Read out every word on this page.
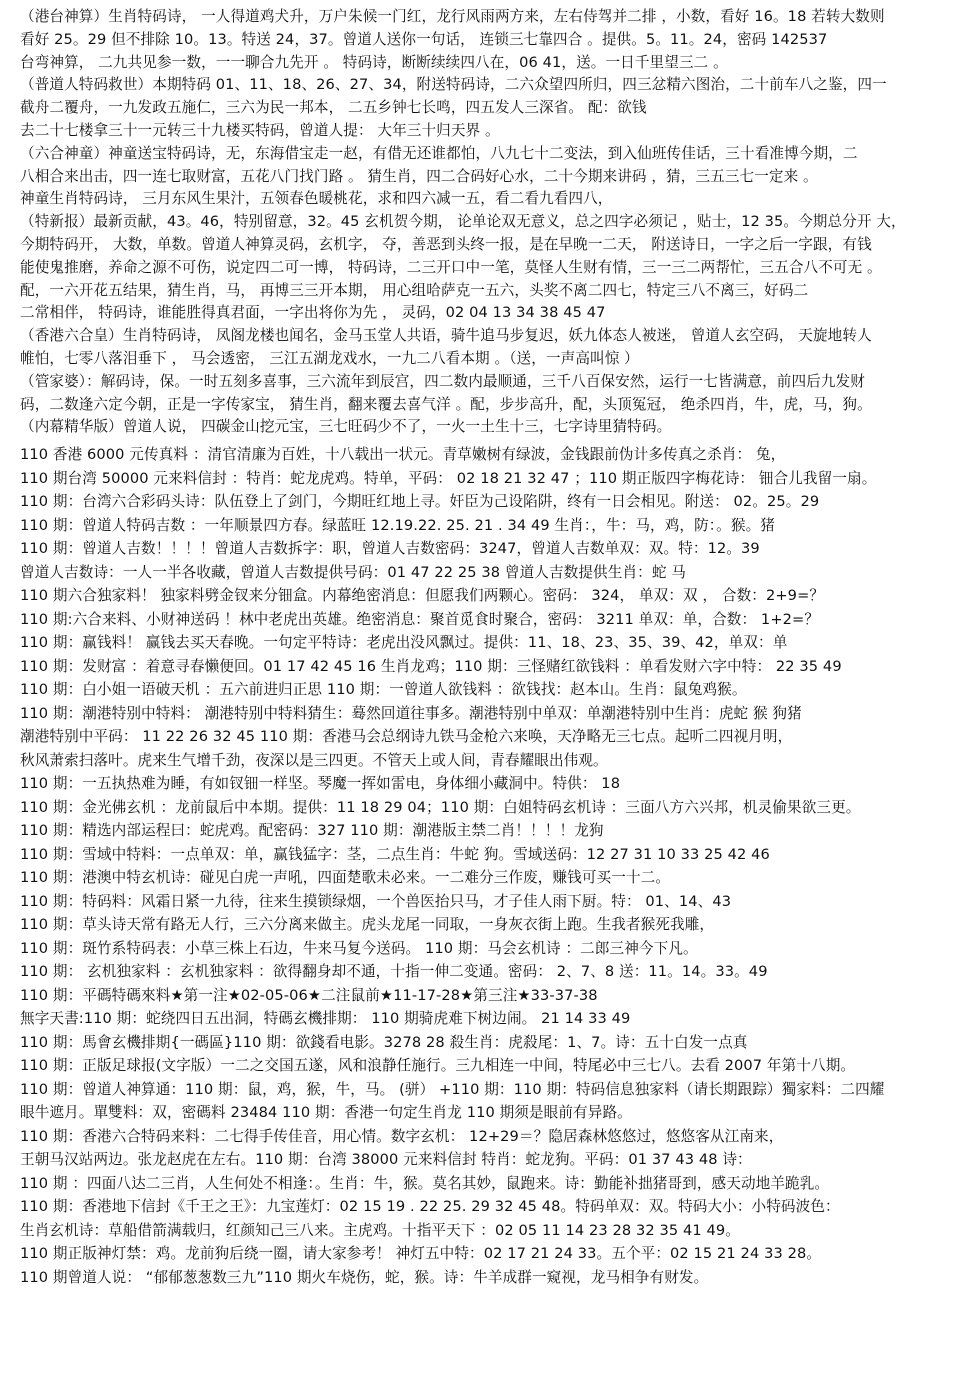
（港台神算）生肖特码诗， 一人得道鸡犬升，万户朱候一门红，龙行风雨两方来，左右侍驾并二排 ，小数，看好 16。18 若转大数则
看好 25。29 但不排除 10。13。特送 24，37。曾道人送你一句话， 连锁三七靠四合 。提供。5。11。24，密码 142537
台弯神算， 二九共见参一数，一一聊合九先开 。 特码诗，断断续续四八在，06 41，送。一日千里望三二 。
（普道人特码救世）本期特码 01、11、18、26、27、34，附送特码诗，二六众望四所归，四三忿精六图治，二十前车八之鉴，四一
截舟二覆舟，一九发政五施仁，三六为民一邦本， 二五乡钟七长鸣，四五发人三深省。 配：欲钱
去二十七楼拿三十一元转三十九楼买特码，曾道人提： 大年三十归天界 。
（六合神童）神童送宝特码诗，无，东海借宝走一赵，有借无还谁都怕，八九七十二变法，到入仙班传佳话，三十看准博今期，二
八相合来出击，四一连七取财富，五花八门找门路 。 猜生肖，四二合码好心水，二十今期来讲码 ，猜，三五三七一定来 。
神童生肖特码诗， 三月东风生果汁，五领春色暖桃花，求和四六减一五，看二看九看四八，
（特新报）最新贡献，43。46，特别留意，32。45 玄机贺今期， 论单论双无意义，总之四字必须记 ，贴士，12 35。今期总分开 大，
今期特码开， 大数，单数。曾道人神算灵码，玄机字， 夺，善恶到头终一报，是在早晚一二天， 附送诗日，一字之后一字跟，有钱
能使鬼推磨，养命之源不可伤，说定四二可一博， 特码诗，二三开口中一笔，莫怪人生财有情，三一三二两帮忙，三五合八不可无 。
配，一六开花五结果，猜生肖，马， 再博三三开本期， 用心组哈萨克一五六，头奖不离二四七，特定三八不离三，好码二
二常相伴， 特码诗，谁能胜得真君面，一字出将你为先 ， 灵码，02 04 13 34 38 45 47
（香港六合皇）生肖特码诗， 凤阁龙楼也闻名，金马玉堂人共语，骑牛追马步复迟，妖九体态人被迷， 曾道人玄空码， 天旋地转人
帷怕，七零八落泪垂下 ， 马会透密， 三江五湖龙戏水，一九二八看本期 。（送，一声高叫惊 ）
（管家婆）：解码诗，保。一时五刻多喜事，三六流年到辰宫，四二数内最顺通，三千八百保安然，运行一七皆满意，前四后九发财
码，二数逢六定今朝，正是一字传家宝， 猜生肖，翻来覆去喜气洋 。配，步步高升，配，头顶冤冠， 绝杀四肖，牛，虎，马，狗。
（内幕精华版）曾道人说， 四碳金山挖元宝，三七旺码少不了，一火一土生十三，七字诗里猜特码。
110 香港 6000 元传真料 ：清官清廉为百姓，十八载出一状元。青草嫩树有绿波，金钱跟前伪计多传真之杀肖： 兔，
110 期台湾 50000 元来料信封 ：特肖：蛇龙虎鸡。特单，平码： 02 18 21 32 47 ；110 期正版四字梅花诗： 钿合儿我留一扇。
110 期：台湾六合彩码头诗：队伍登上了剑门，今期旺红地上寻。奸臣为己设陷阱，终有一日会相见。附送： 02。25。29
110 期：曾道人特码吉数 ：一年顺景四方春。绿蓝旺 12.19.22. 25. 21 . 34 49 生肖：，牛：马，鸡，防：。猴。猪
110 期：曾道人吉数！！！！曾道人吉数拆字：职，曾道人吉数密码：3247，曾道人吉数单双：双。特：12。39
曾道人吉数诗：一人一半各收藏，曾道人吉数提供号码：01 47 22 25 38 曾道人吉数提供生肖：蛇 马
110 期六合独家料！ 独家料劈金钗来分钿盒。内幕绝密消息：但愿我们两颗心。密码： 324， 单双：双 ， 合数：2+9=？
110 期:六合来料、小财神送码 ！林中老虎出英雄。绝密消息：聚首觅食时聚合，密码： 3211 单双：单，合数： 1+2=？
110 期：赢钱料！ 赢钱去买天春晚。一句定平特诗：老虎出没风飘过。提供：11、18、23、35、39、42，单双：单
110 期：发财富 ：着意寻春懒便回。01 17 42 45 16 生肖龙鸡；110 期：三怪赌红欲钱料 ：单看发财六字中特： 22 35 49
110 期：白小姐一语破天机 ：五六前进归正思 110 期：一曾道人欲钱料 ：欲钱找：赵本山。生肖：鼠兔鸡猴。
110 期：潮港特别中特料： 潮港特别中特料猜生：蓦然回道往事多。潮港特别中单双：单潮港特别中生肖：虎蛇 猴 狗猪
潮港特别中平码： 11 22 26 32 45 110 期：香港马会总纲诗九铁马金枪六来唤，天净略无三七点。起听二四视月明，
秋风萧索扫落叶。虎来生气增千劲，夜深以是三四更。不管天上或人间，青春耀眼出伟观。
110 期：一五执热难为睡，有如钗钿一样坚。琴魔一挥如雷电，身体细小藏洞中。特供： 18
110 期：金光佛玄机 ：龙前鼠后中本期。提供：11 18 29 04；110 期：白姐特码玄机诗 ：三面八方六兴邦，机灵偷果欲三更。
110 期：精选内部运程曰：蛇虎鸡。配密码：327 110 期：潮港版主禁二肖！！！！龙狗
110 期：雪域中特料：一点单双：单，赢钱猛字：茎，二点生肖：牛蛇 狗。雪域送码：12 27 31 10 33 25 42 46
110 期：港澳中特玄机诗：碰见白虎一声吼，四面楚歌未必来。一二难分三作废，赚钱可买一十二。
110 期：特码料：风霜日紧一九待，往来生摸锁绿烟，一个兽医抬只马，才子佳人雨下厨。特： 01、14、43
110 期：草头诗天常有路无人行，三六分离来做主。虎头龙尾一同取，一身灰衣街上跑。生我者猴死我雕，
110 期：斑竹系特码表：小草三株上石边，牛来马复今送码。 110 期：马会玄机诗 ：二郎三神今下凡。
110 期： 玄机独家料 ：玄机独家料 ：欲得翻身却不通，十指一伸二变通。密码： 2、7、8 送：11。14。33。49
110 期：平碼特碼來料★第一注★02-05-06★二注鼠前★11-17-28★第三注★33-37-38
無字天書:110 期：蛇绕四日五出洞，特碼玄機排期： 110 期骑虎难下树边闹。 21 14 33 49
110 期：馬會玄機排期{一碼區}110 期：欲錢看电影。3278 28 殺生肖：虎殺尾：1、7。诗：五十白发一点真
110 期：正版足球报(文字版）一二之交国五遂，风和浪静任施行。三九相连一中间，特尾必中三七八。去看 2007 年第十八期。
110 期：曾道人神算通：110 期：鼠，鸡，猴，牛，马。 (骈） +110 期：110 期：特码信息独家料（请长期跟踪）獨家料：二四耀
眼牛遮月。單雙料：双，密碼料 23484 110 期：香港一句定生肖龙 110 期须是眼前有异路。
110 期：香港六合特码来料：二七得手传佳音，用心情。数字玄机： 12+29＝？隐居森林悠悠过，悠悠客从江南来，
王朝马汉站两边。张龙赵虎在左右。110 期：台湾 38000 元来料信封 特肖：蛇龙狗。平码：01 37 43 48 诗：
110 期 ：四面八达二三肖，人生何处不相逢：。生肖：牛，猴。莫名其妙，鼠跑来。诗：勤能补拙猪哥到，感天动地羊跪乳。
110 期：香港地下信封《千王之王》：九宝莲灯：02 15 19 . 22 25. 29 32 45 48。特码单双：双。特码大小：小特码波色：
生肖玄机诗：草船借箭满载归，红颜知己三八来。主虎鸡。十指平天下 ：02 05 11 14 23 28 32 35 41 49。
110 期正版神灯禁：鸡。龙前狗后绕一圈，请大家参考！ 神灯五中特：02 17 21 24 33。五个平：02 15 21 24 33 28。
110 期曾道人说： “郁郁葱葱数三九”110 期火车烧伤，蛇，猴。诗：牛羊成群一窥视，龙马相争有财发。
